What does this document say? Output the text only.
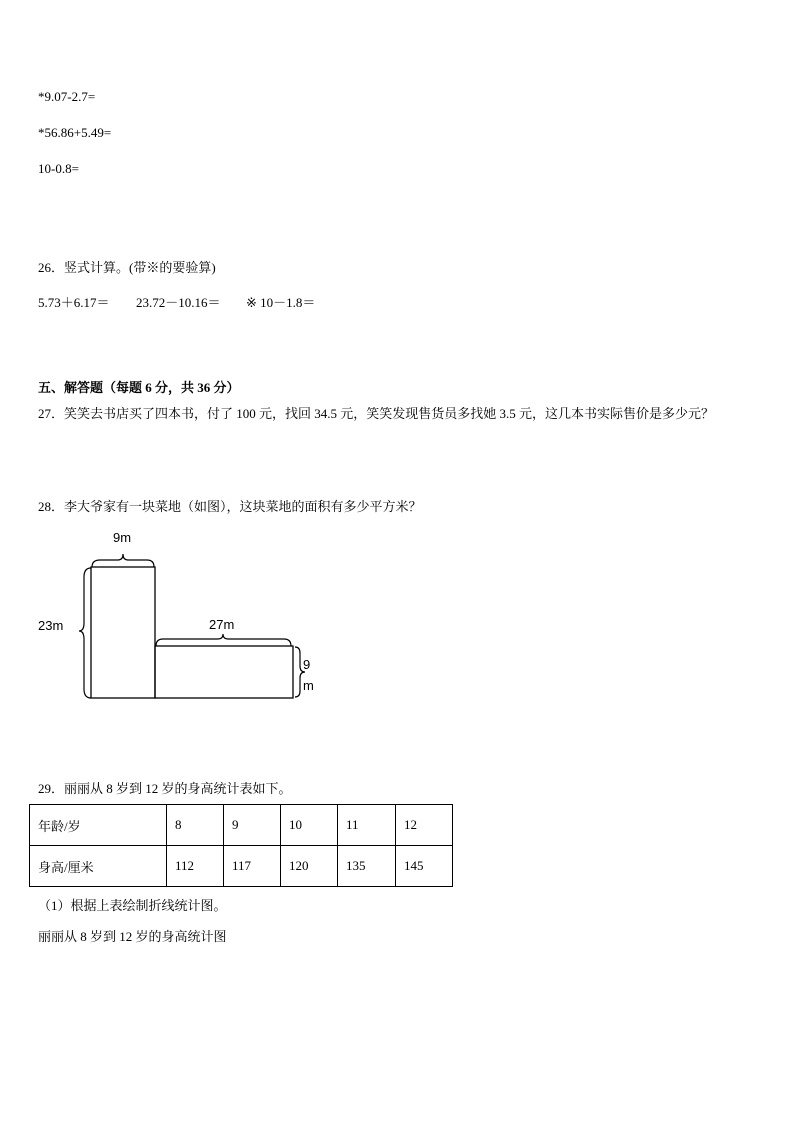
*9.07-2.7=
*56.86+5.49=
10-0.8=
26．竖式计算。(带※的要验算)
5.73＋6.17＝ 23.72－10.16＝ ※ 10－1.8＝
五、解答题（每题 6 分，共 36 分）
27．笑笑去书店买了四本书，付了 100 元，找回 34.5 元，笑笑发现售货员多找她 3.5 元，这几本书实际售价是多少元？
28．李大爷家有一块菜地（如图），这块菜地的面积有多少平方米？
9m
23m	27m
9
m
29．丽丽从 8 岁到 12 岁的身高统计表如下。
年龄/岁	8	9	10	11	12
身高/厘米	112	117	120	135	145
（1）根据上表绘制折线统计图。
丽丽从 8 岁到 12 岁的身高统计图
